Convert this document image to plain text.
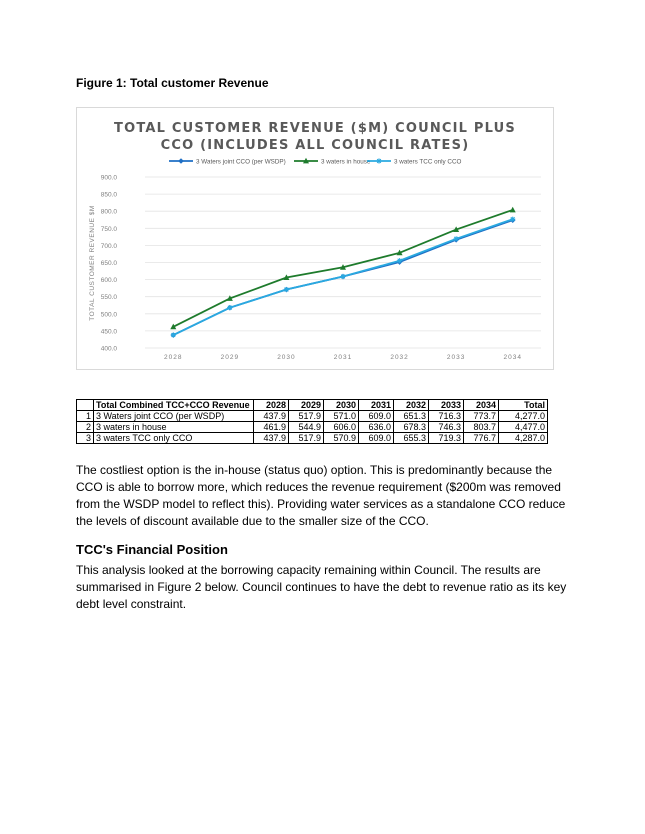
Figure 1: Total customer Revenue
TOTAL CUSTOMER REVENUE ($M) COUNCIL PLUS
CCO (INCLUDES ALL COUNCIL RATES)
3 Waters joint CCO (per WSDP)	3 waters in house	3 waters TCC only CCO
900.0
850.0
800.0
750.0
700.0
650.0
600.0
550.0
500.0
450.0
400.0
2028	2029	2030	2031	2032	2033	2034
TOTAL CUSTOMER REVENUE $M
	Total Combined TCC+CCO Revenue	2028	2029	2030	2031	2032	2033	2034	Total
1	3 Waters joint CCO (per WSDP)	437.9	517.9	571.0	609.0	651.3	716.3	773.7	4,277.0
2	3 waters in house	461.9	544.9	606.0	636.0	678.3	746.3	803.7	4,477.0
3	3 waters TCC only CCO	437.9	517.9	570.9	609.0	655.3	719.3	776.7	4,287.0

The costliest option is the in-house (status quo) option. This is predominantly because the CCO is able to borrow more, which reduces the revenue requirement ($200m was removed from the WSDP model to reflect this). Providing water services as a standalone CCO reduce the levels of discount available due to the smaller size of the CCO.

TCC's Financial Position

This analysis looked at the borrowing capacity remaining within Council. The results are summarised in Figure 2 below. Council continues to have the debt to revenue ratio as its key debt level constraint.
